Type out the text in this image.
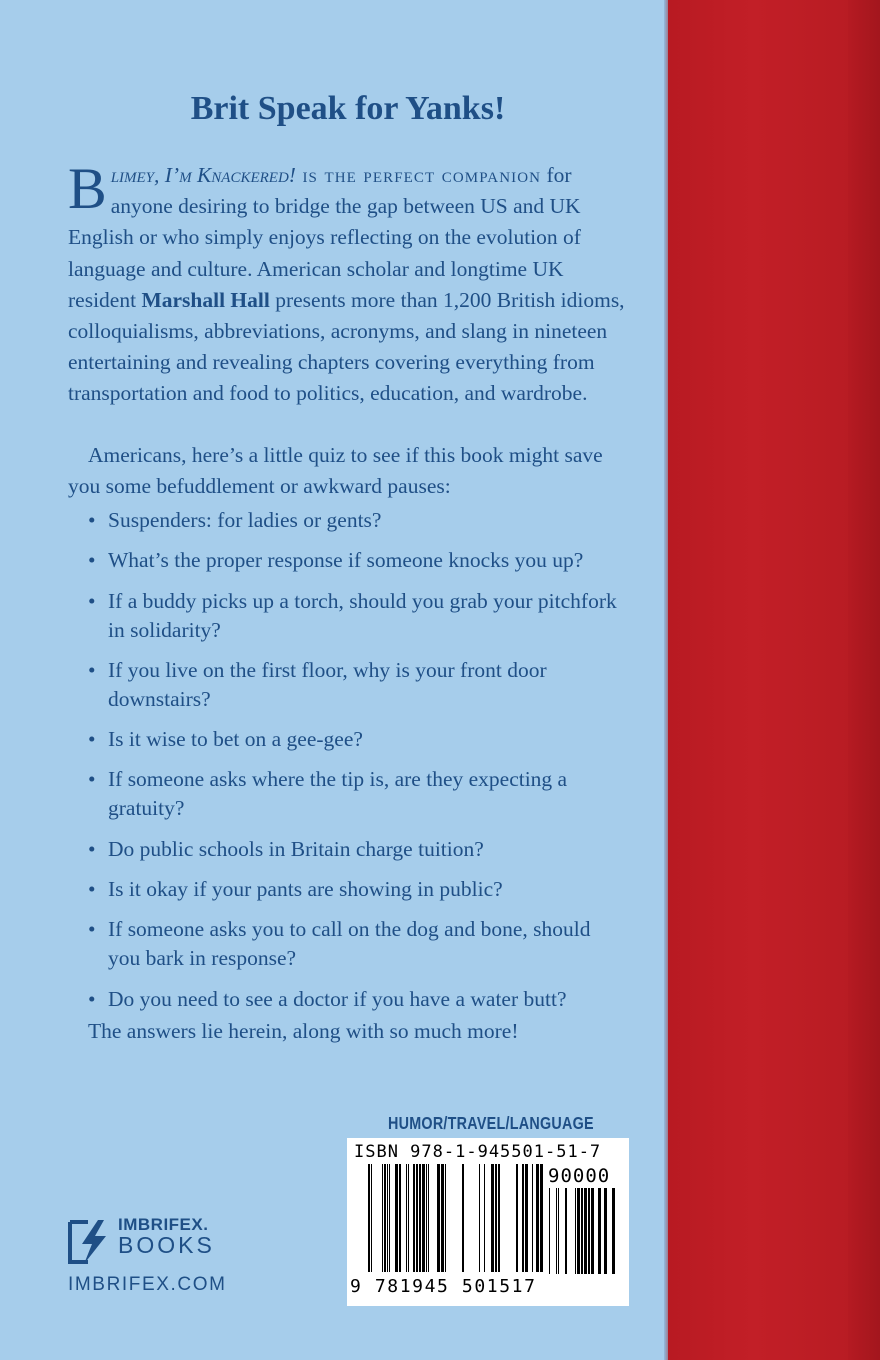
Brit Speak for Yanks!

Blimey, I’m Knackered! is the perfect companion for anyone desiring to bridge the gap between US and UK English or who simply enjoys reflecting on the evolution of language and culture. American scholar and longtime UK resident Marshall Hall presents more than 1,200 British idioms, colloquialisms, abbreviations, acronyms, and slang in nineteen entertaining and revealing chapters covering everything from transportation and food to politics, education, and wardrobe.

Americans, here’s a little quiz to see if this book might save you some befuddlement or awkward pauses:

• Suspenders: for ladies or gents?
• What’s the proper response if someone knocks you up?
• If a buddy picks up a torch, should you grab your pitchfork in solidarity?
• If you live on the first floor, why is your front door downstairs?
• Is it wise to bet on a gee-gee?
• If someone asks where the tip is, are they expecting a gratuity?
• Do public schools in Britain charge tuition?
• Is it okay if your pants are showing in public?
• If someone asks you to call on the dog and bone, should you bark in response?
• Do you need to see a doctor if you have a water butt?

The answers lie herein, along with so much more!

HUMOR/TRAVEL/LANGUAGE
ISBN 978-1-945501-51-7
90000
9 781945 501517
IMBRIFEX.
BOOKS
IMBRIFEX.COM
